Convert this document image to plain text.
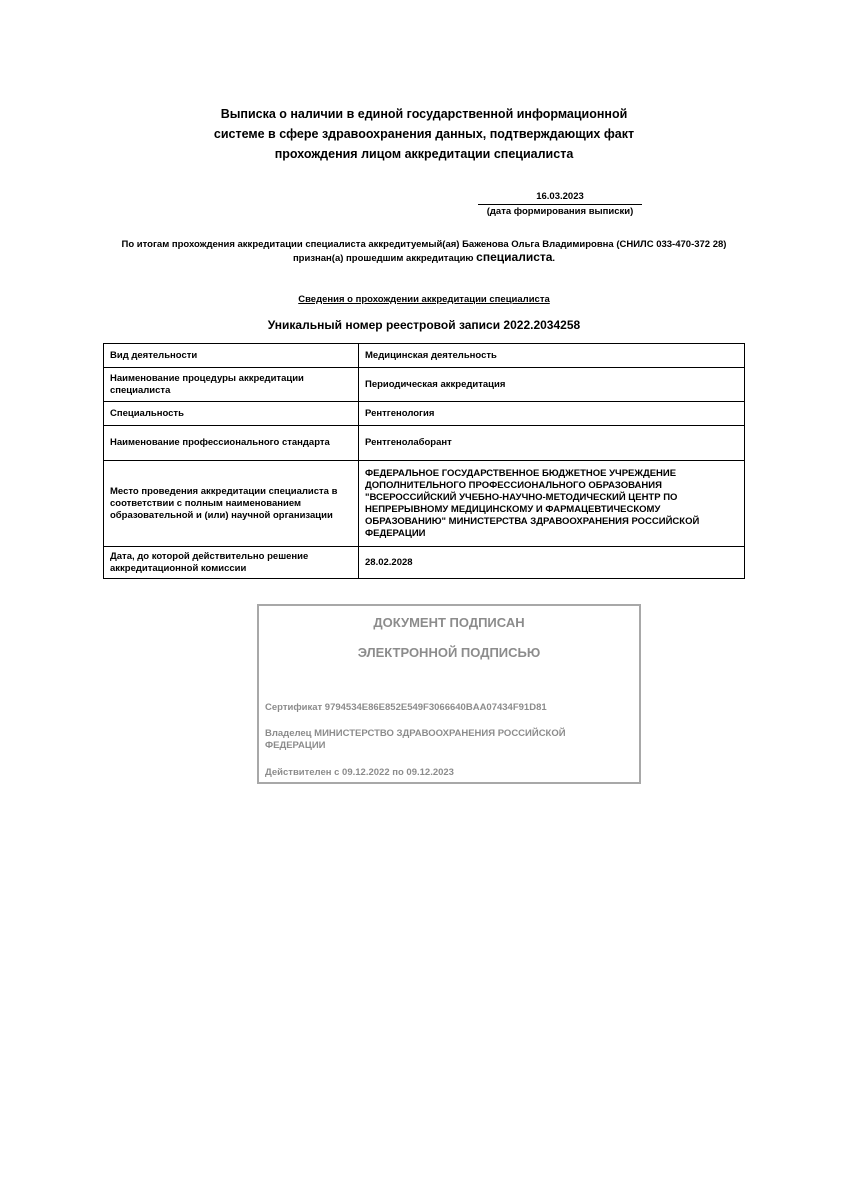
Выписка о наличии в единой государственной информационной
системе в сфере здравоохранения данных, подтверждающих факт
прохождения лицом аккредитации специалиста
16.03.2023
(дата формирования выписки)
По итогам прохождения аккредитации специалиста аккредитуемый(ая) Баженова Ольга Владимировна (СНИЛС 033-470-372 28) признан(а) прошедшим аккредитацию специалиста.
Сведения о прохождении аккредитации специалиста
Уникальный номер реестровой записи 2022.2034258
Вид деятельности	Медицинская деятельность
Наименование процедуры аккредитации специалиста	Периодическая аккредитация
Специальность	Рентгенология
Наименование профессионального стандарта	Рентгенолаборант
Место проведения аккредитации специалиста в соответствии с полным наименованием образовательной и (или) научной организации	ФЕДЕРАЛЬНОЕ ГОСУДАРСТВЕННОЕ БЮДЖЕТНОЕ УЧРЕЖДЕНИЕ ДОПОЛНИТЕЛЬНОГО ПРОФЕССИОНАЛЬНОГО ОБРАЗОВАНИЯ "ВСЕРОССИЙСКИЙ УЧЕБНО-НАУЧНО-МЕТОДИЧЕСКИЙ ЦЕНТР ПО НЕПРЕРЫВНОМУ МЕДИЦИНСКОМУ И ФАРМАЦЕВТИЧЕСКОМУ ОБРАЗОВАНИЮ" МИНИСТЕРСТВА ЗДРАВООХРАНЕНИЯ РОССИЙСКОЙ ФЕДЕРАЦИИ
Дата, до которой действительно решение аккредитационной комиссии	28.02.2028
ДОКУМЕНТ ПОДПИСАН
ЭЛЕКТРОННОЙ ПОДПИСЬЮ
Сертификат 9794534E86E852E549F3066640BAA07434F91D81
Владелец МИНИСТЕРСТВО ЗДРАВООХРАНЕНИЯ РОССИЙСКОЙ ФЕДЕРАЦИИ
Действителен с 09.12.2022 по 09.12.2023
